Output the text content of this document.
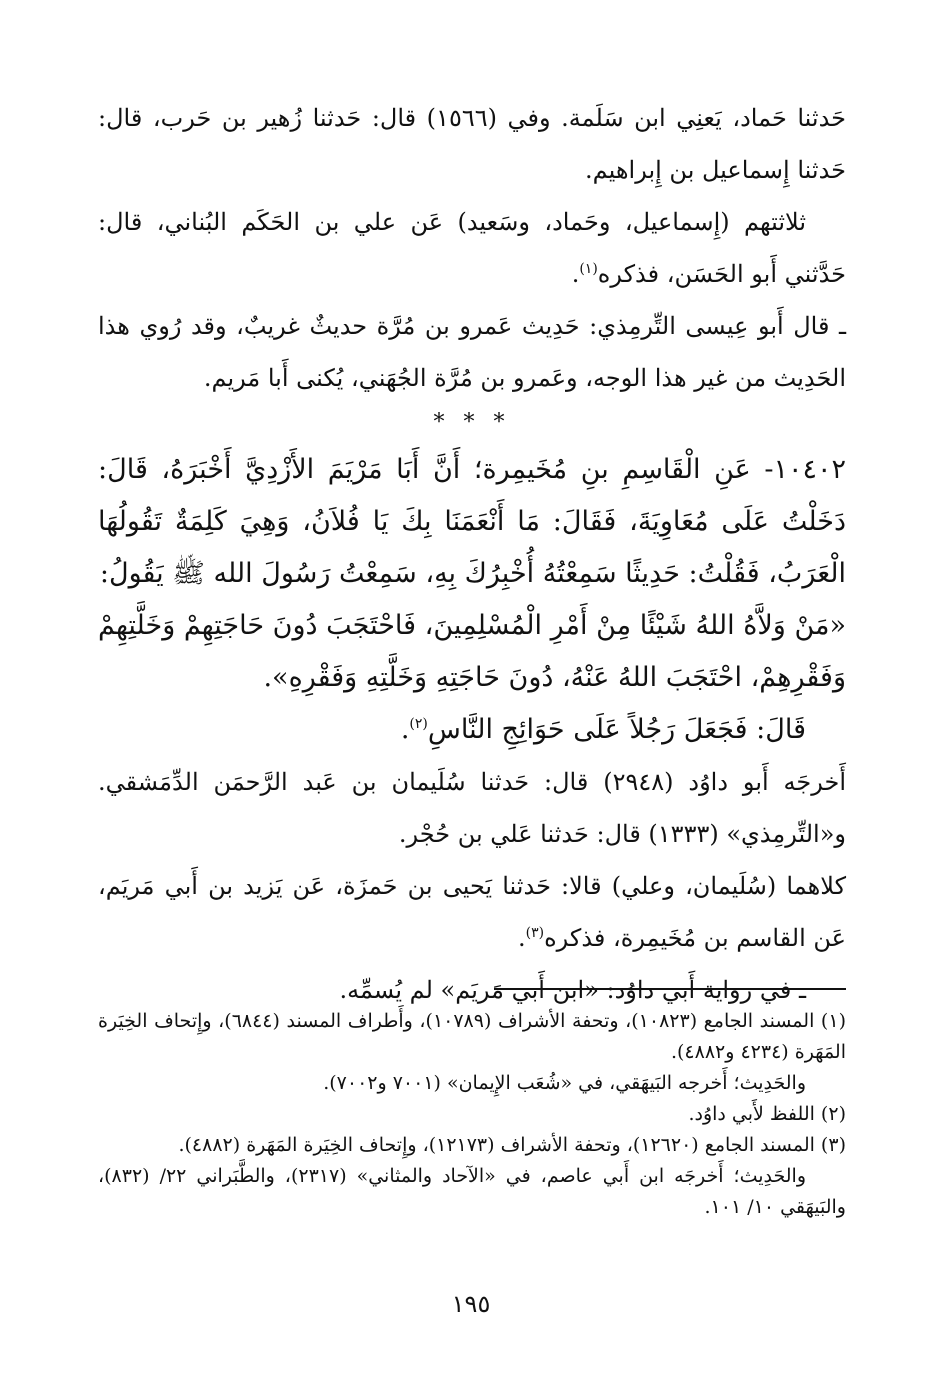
حَدثنا حَماد، يَعنِي ابن سَلَمة. وفي (١٥٦٦) قال: حَدثنا زُهير بن حَرب، قال: حَدثنا إِسماعيل بن إِبراهيم.

ثلاثتهم (إِسماعيل، وحَماد، وسَعيد) عَن علي بن الحَكَم البُناني، قال: حَدَّثني أَبو الحَسَن، فذكره$^{(١)}$.

ـ قال أَبو عِيسى التِّرمِذي: حَدِيث عَمرو بن مُرَّة حديثٌ غريبٌ، وقد رُوي هذا الحَدِيث من غير هذا الوجه، وعَمرو بن مُرَّة الجُهَني، يُكنى أَبا مَريم.

* * *

١٠٤٠٢- عَنِ الْقَاسِمِ بنِ مُخَيمِرة؛ أَنَّ أَبَا مَرْيَمَ الأَزْدِيَّ أَخْبَرَهُ، قَالَ: دَخَلْتُ عَلَى مُعَاوِيَةَ، فَقَالَ: مَا أَنْعَمَنَا بِكَ يَا فُلاَنُ، وَهِيَ كَلِمَةٌ تَقُولُهَا الْعَرَبُ، فَقُلْتُ: حَدِيثًا سَمِعْتُهُ أُخْبِرُكَ بِهِ، سَمِعْتُ رَسُولَ الله ﷺ يَقُولُ:

«مَنْ وَلاَّهُ اللهُ شَيْئًا مِنْ أَمْرِ الْمُسْلِمِينَ، فَاحْتَجَبَ دُونَ حَاجَتِهِمْ وَخَلَّتِهِمْ وَفَقْرِهِمْ، احْتَجَبَ اللهُ عَنْهُ، دُونَ حَاجَتِهِ وَخَلَّتِهِ وَفَقْرِهِ».

قَالَ: فَجَعَلَ رَجُلاً عَلَى حَوَائِجِ النَّاسِ$^{(٢)}$.

أَخرجَه أَبو داوُد (٢٩٤٨) قال: حَدثنا سُلَيمان بن عَبد الرَّحمَن الدِّمَشقي. و«التِّرمِذي» (١٣٣٣) قال: حَدثنا عَلي بن حُجْر.

كلاهما (سُلَيمان، وعلي) قالا: حَدثنا يَحيى بن حَمزَة، عَن يَزيد بن أَبي مَريَم، عَن القاسم بن مُخَيمِرة، فذكره$^{(٣)}$.

ـ في رواية أَبي داوُد: «ابن أَبي مَريَم» لم يُسمِّه.

(١) المسند الجامع (١٠٨٢٣)، وتحفة الأشراف (١٠٧٨٩)، وأَطراف المسند (٦٨٤٤)، وإِتحاف الخِيَرة المَهَرة (٤٢٣٤ و٤٨٨٢).

والحَدِيث؛ أَخرجه البَيهَقي، في «شُعَب الإِيمان» (٧٠٠١ و٧٠٠٢).

(٢) اللفظ لأَبي داوُد.

(٣) المسند الجامع (١٢٦٢٠)، وتحفة الأشراف (١٢١٧٣)، وإِتحاف الخِيَرة المَهَرة (٤٨٨٢).

والحَدِيث؛ أَخرجَه ابن أَبي عاصم، في «الآحاد والمثاني» (٢٣١٧)، والطَّبَراني ٢٢/ (٨٣٢)، والبَيهَقي ١٠/ ١٠١.

١٩٥
